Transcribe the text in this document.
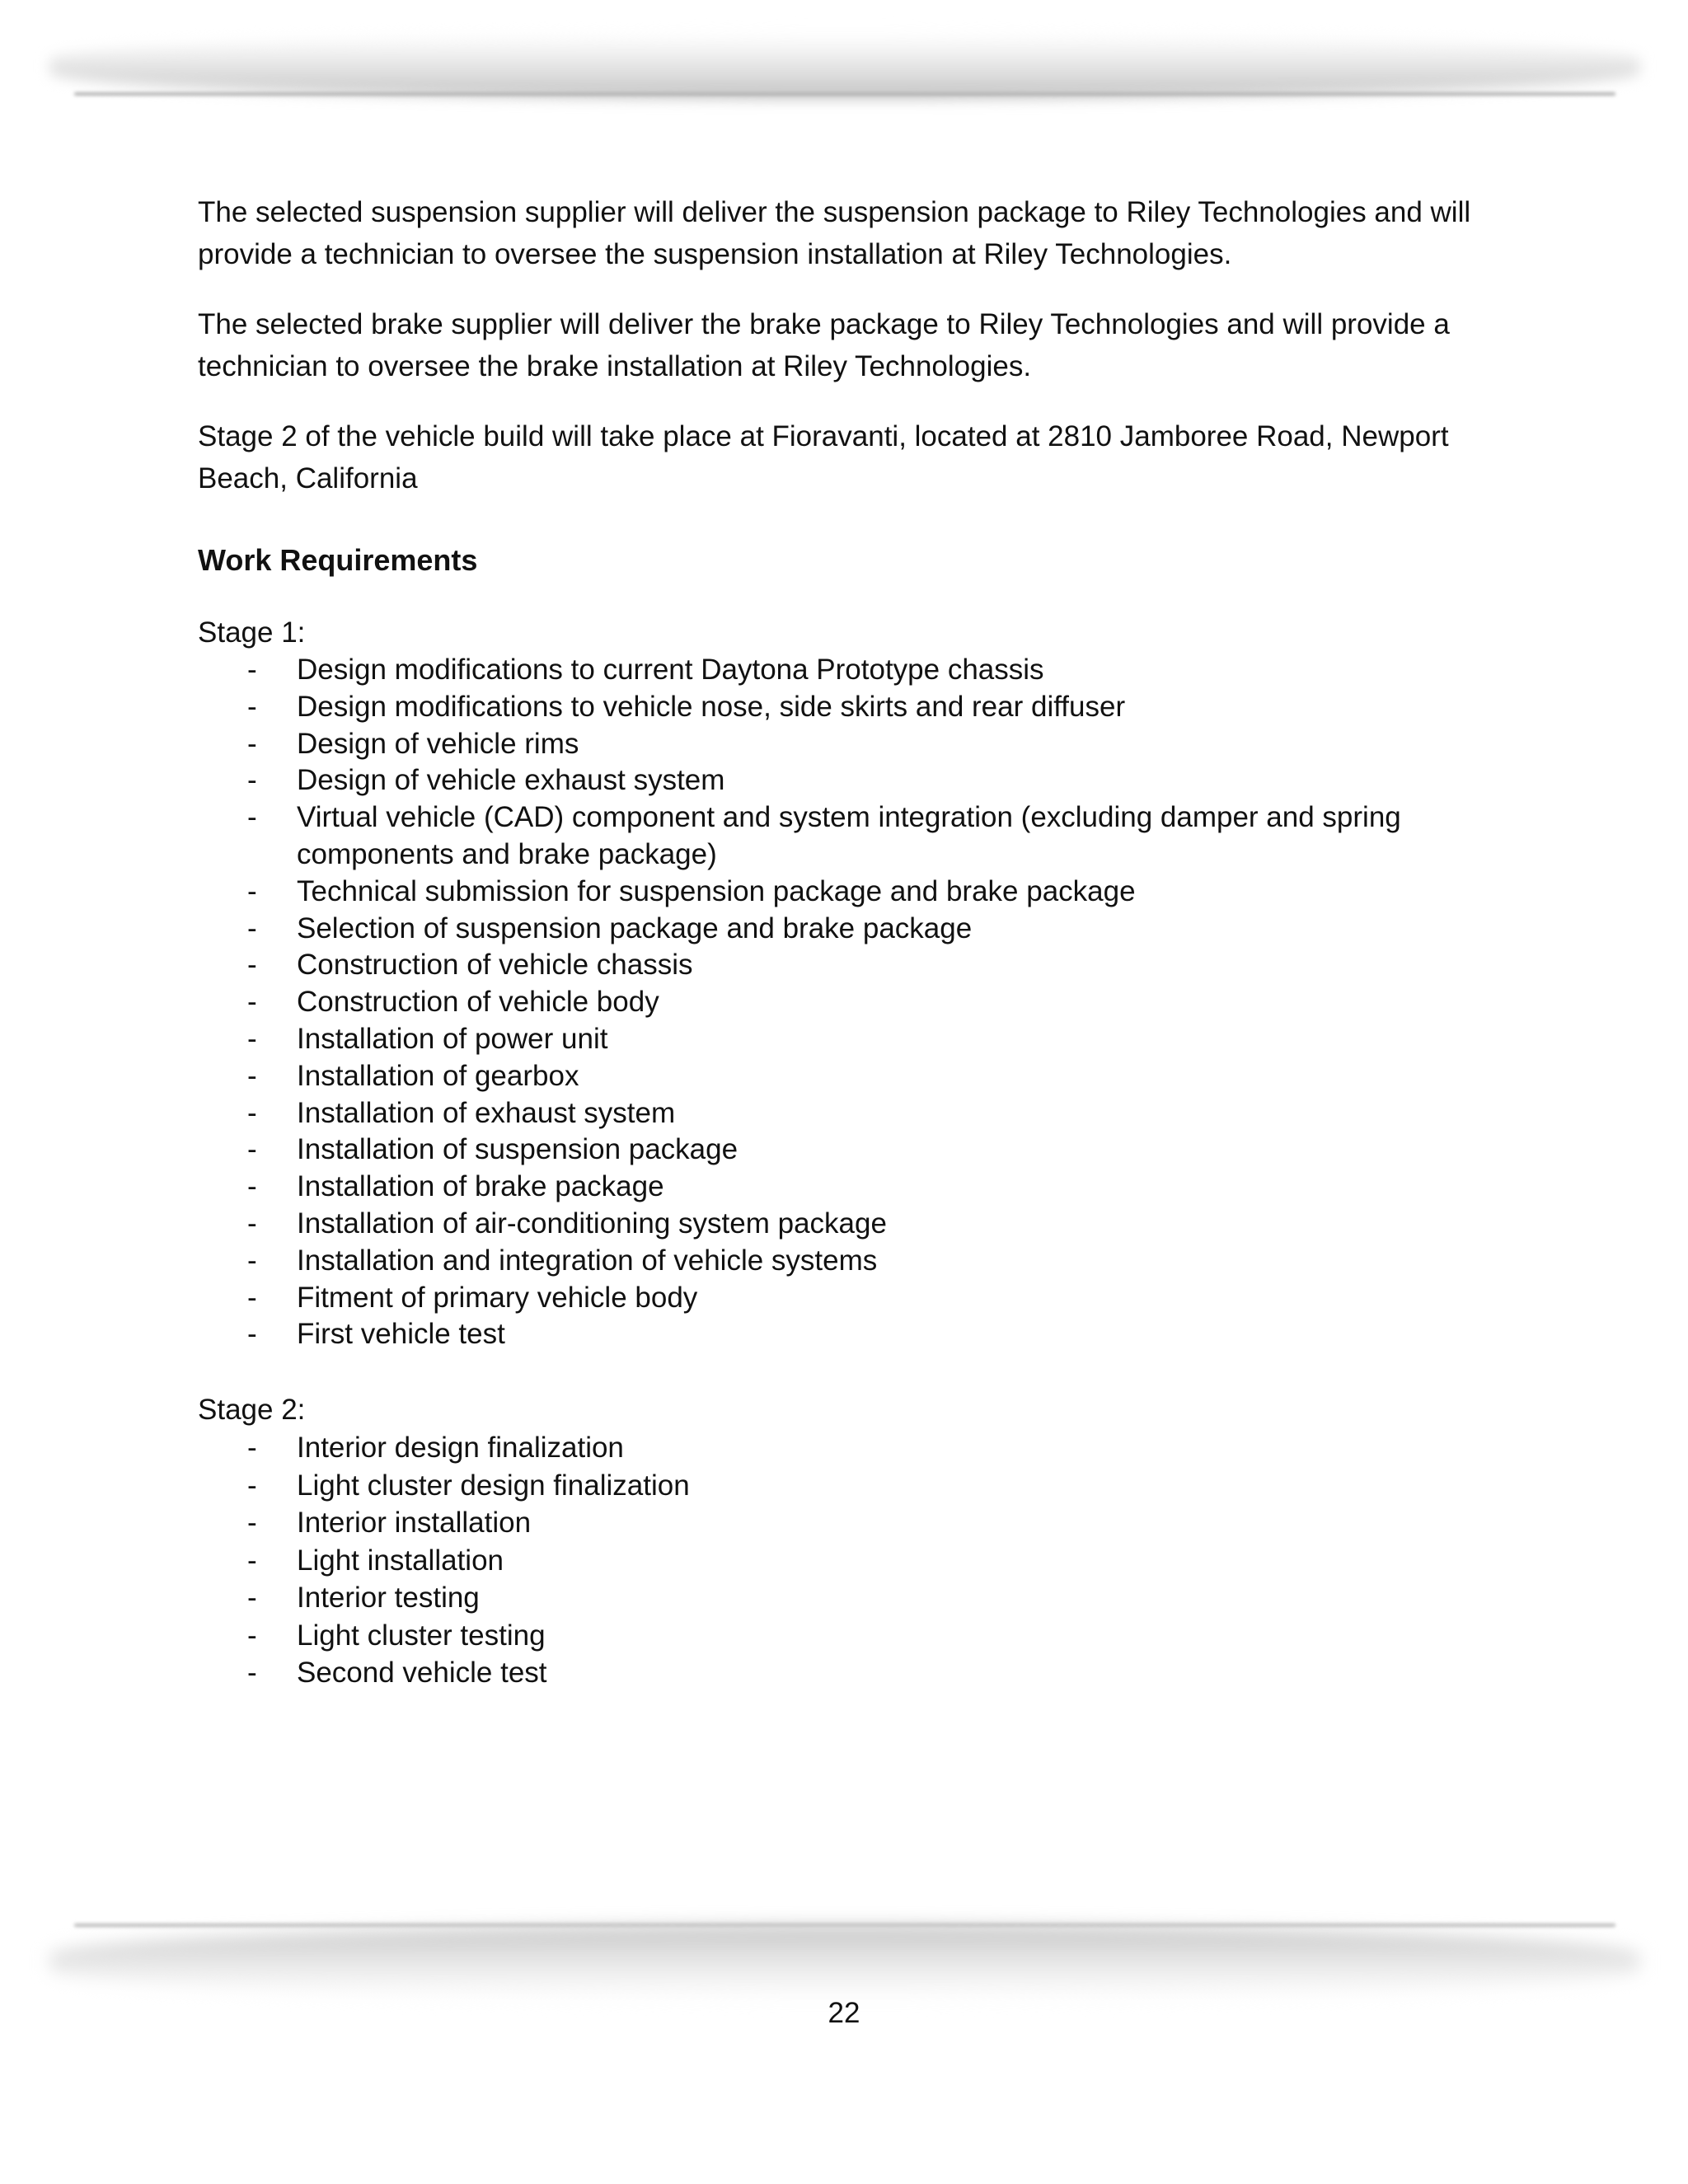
The selected suspension supplier will deliver the suspension package to Riley Technologies and will provide a technician to oversee the suspension installation at Riley Technologies.

The selected brake supplier will deliver the brake package to Riley Technologies and will provide a technician to oversee the brake installation at Riley Technologies.

Stage 2 of the vehicle build will take place at Fioravanti, located at 2810 Jamboree Road, Newport Beach, California

Work Requirements

Stage 1:

- Design modifications to current Daytona Prototype chassis
- Design modifications to vehicle nose, side skirts and rear diffuser
- Design of vehicle rims
- Design of vehicle exhaust system
- Virtual vehicle (CAD) component and system integration (excluding damper and spring components and brake package)
- Technical submission for suspension package and brake package
- Selection of suspension package and brake package
- Construction of vehicle chassis
- Construction of vehicle body
- Installation of power unit
- Installation of gearbox
- Installation of exhaust system
- Installation of suspension package
- Installation of brake package
- Installation of air-conditioning system package
- Installation and integration of vehicle systems
- Fitment of primary vehicle body
- First vehicle test

Stage 2:

- Interior design finalization
- Light cluster design finalization
- Interior installation
- Light installation
- Interior testing
- Light cluster testing
- Second vehicle test
22
